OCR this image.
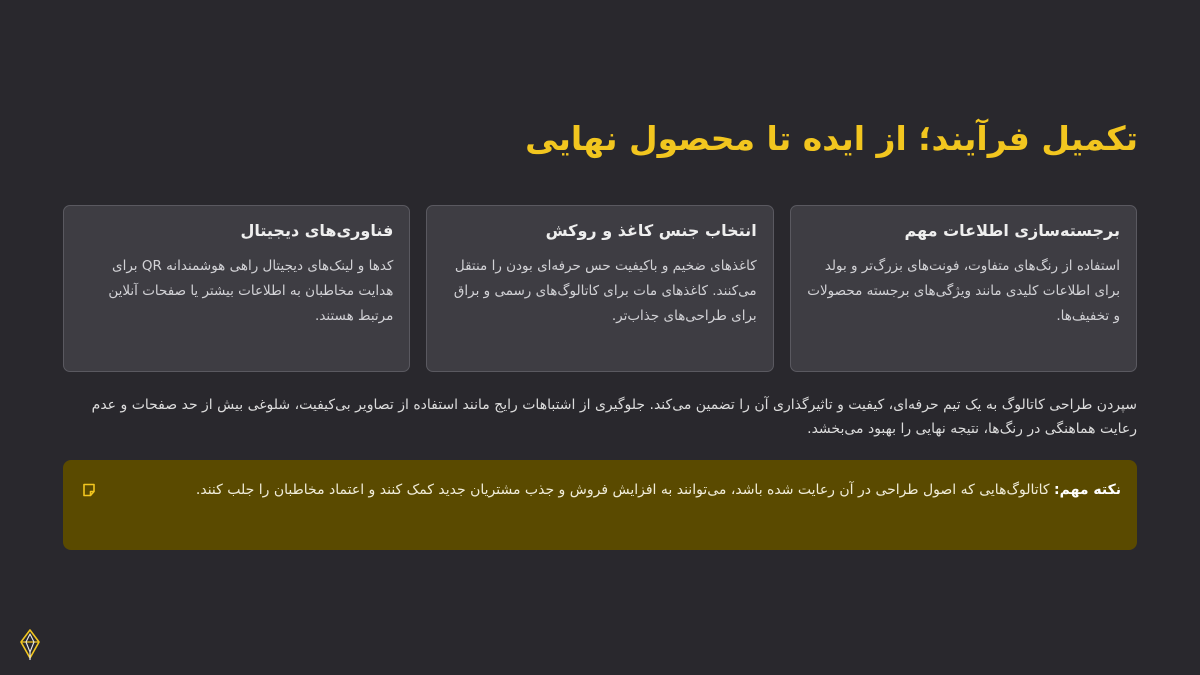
تکمیل فرآیند؛ از ایده تا محصول نهایی

برجسته‌سازی اطلاعات مهم

استفاده از رنگ‌های متفاوت، فونت‌های بزرگ‌تر و بولد برای اطلاعات کلیدی مانند ویژگی‌های برجسته محصولات و تخفیف‌ها.

انتخاب جنس کاغذ و روکش

کاغذهای ضخیم و باکیفیت حس حرفه‌ای بودن را منتقل می‌کنند. کاغذهای مات برای کاتالوگ‌های رسمی و براق برای طراحی‌های جذاب‌تر.

فناوری‌های دیجیتال

کدها و لینک‌های دیجیتال راهی هوشمندانه QR برای هدایت مخاطبان به اطلاعات بیشتر یا صفحات آنلاین مرتبط هستند.

سپردن طراحی کاتالوگ به یک تیم حرفه‌ای، کیفیت و تاثیرگذاری آن را تضمین می‌کند. جلوگیری از اشتباهات رایج مانند استفاده از تصاویر بی‌کیفیت، شلوغی بیش از حد صفحات و عدم رعایت هماهنگی در رنگ‌ها، نتیجه نهایی را بهبود می‌بخشد.

نکته مهم: کاتالوگ‌هایی که اصول طراحی در آن رعایت شده باشد، می‌توانند به افزایش فروش و جذب مشتریان جدید کمک کنند و اعتماد مخاطبان را جلب کنند.
